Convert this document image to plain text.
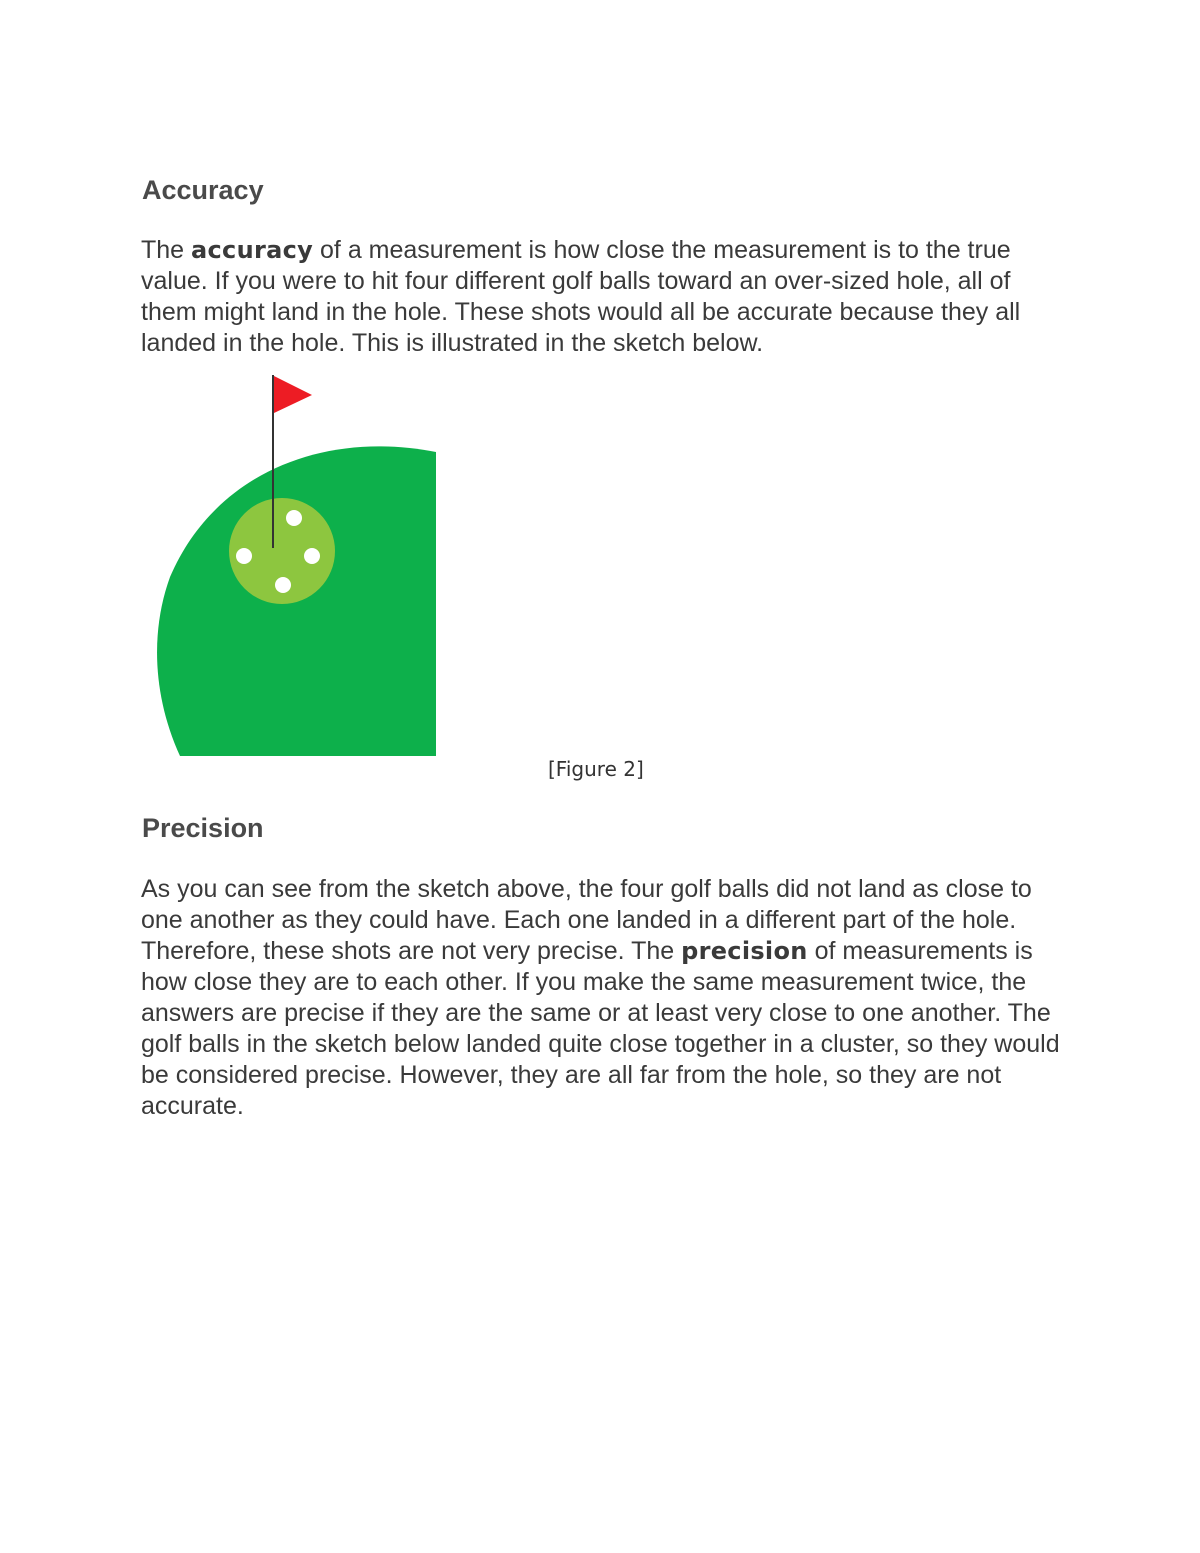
Accuracy

The accuracy of a measurement is how close the measurement is to the true value. If you were to hit four different golf balls toward an over-sized hole, all of them might land in the hole. These shots would all be accurate because they all landed in the hole. This is illustrated in the sketch below.

[Figure 2]

Precision

As you can see from the sketch above, the four golf balls did not land as close to one another as they could have. Each one landed in a different part of the hole. Therefore, these shots are not very precise. The precision of measurements is how close they are to each other. If you make the same measurement twice, the answers are precise if they are the same or at least very close to one another. The golf balls in the sketch below landed quite close together in a cluster, so they would be considered precise. However, they are all far from the hole, so they are not accurate.
